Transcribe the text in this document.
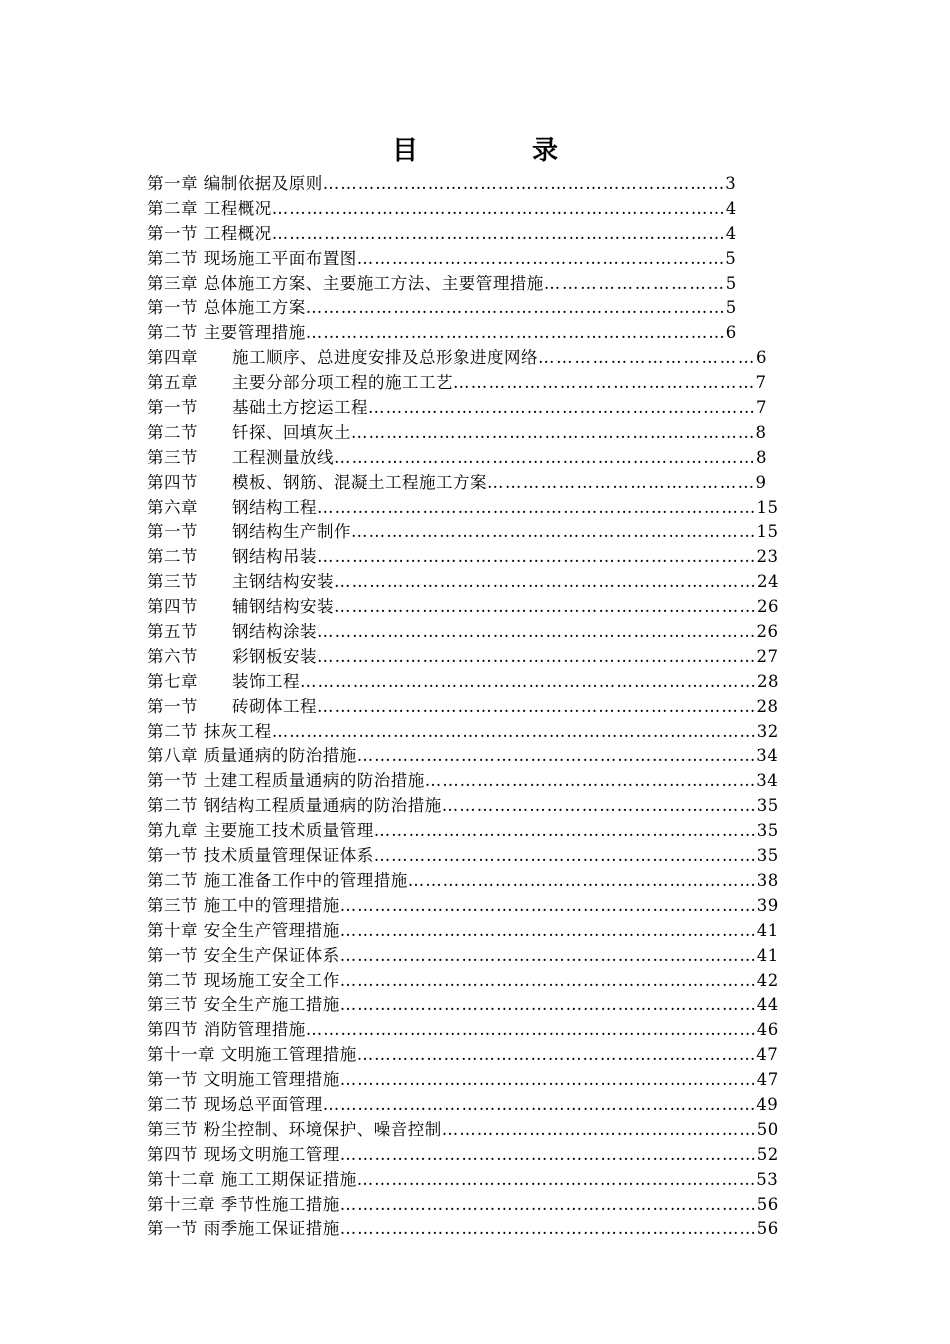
目　录
第一章 编制依据及原则……………………………………………………………3
第二章 工程概况……………………………………………………………………4
第一节 工程概况……………………………………………………………………4
第二节 现场施工平面布置图………………………………………………………5
第三章 总体施工方案、主要施工方法、主要管理措施…………………………5
第一节 总体施工方案………………………………………………………………5
第二节 主要管理措施………………………………………………………………6
第四章　　施工顺序、总进度安排及总形象进度网络………………………………6
第五章　　主要分部分项工程的施工工艺……………………………………………7
第一节　　基础土方挖运工程…………………………………………………………7
第二节　　钎探、回填灰土……………………………………………………………8
第三节　　工程测量放线………………………………………………………………8
第四节　　模板、钢筋、混凝土工程施工方案………………………………………9
第六章　　钢结构工程…………………………………………………………………15
第一节　　钢结构生产制作……………………………………………………………15
第二节　　钢结构吊装…………………………………………………………………23
第三节　　主钢结构安装………………………………………………………………24
第四节　　辅钢结构安装………………………………………………………………26
第五节　　钢结构涂装…………………………………………………………………26
第六节　　彩钢板安装…………………………………………………………………27
第七章　　装饰工程……………………………………………………………………28
第一节　　砖砌体工程…………………………………………………………………28
第二节 抹灰工程…………………………………………………………………………32
第八章 质量通病的防治措施……………………………………………………………34
第一节 土建工程质量通病的防治措施…………………………………………………34
第二节 钢结构工程质量通病的防治措施………………………………………………35
第九章 主要施工技术质量管理…………………………………………………………35
第一节 技术质量管理保证体系…………………………………………………………35
第二节 施工准备工作中的管理措施……………………………………………………38
第三节 施工中的管理措施………………………………………………………………39
第十章 安全生产管理措施………………………………………………………………41
第一节 安全生产保证体系………………………………………………………………41
第二节 现场施工安全工作………………………………………………………………42
第三节 安全生产施工措施………………………………………………………………44
第四节 消防管理措施……………………………………………………………………46
第十一章 文明施工管理措施……………………………………………………………47
第一节 文明施工管理措施………………………………………………………………47
第二节 现场总平面管理…………………………………………………………………49
第三节 粉尘控制、环境保护、噪音控制………………………………………………50
第四节 现场文明施工管理………………………………………………………………52
第十二章 施工工期保证措施……………………………………………………………53
第十三章 季节性施工措施………………………………………………………………56
第一节 雨季施工保证措施………………………………………………………………56
